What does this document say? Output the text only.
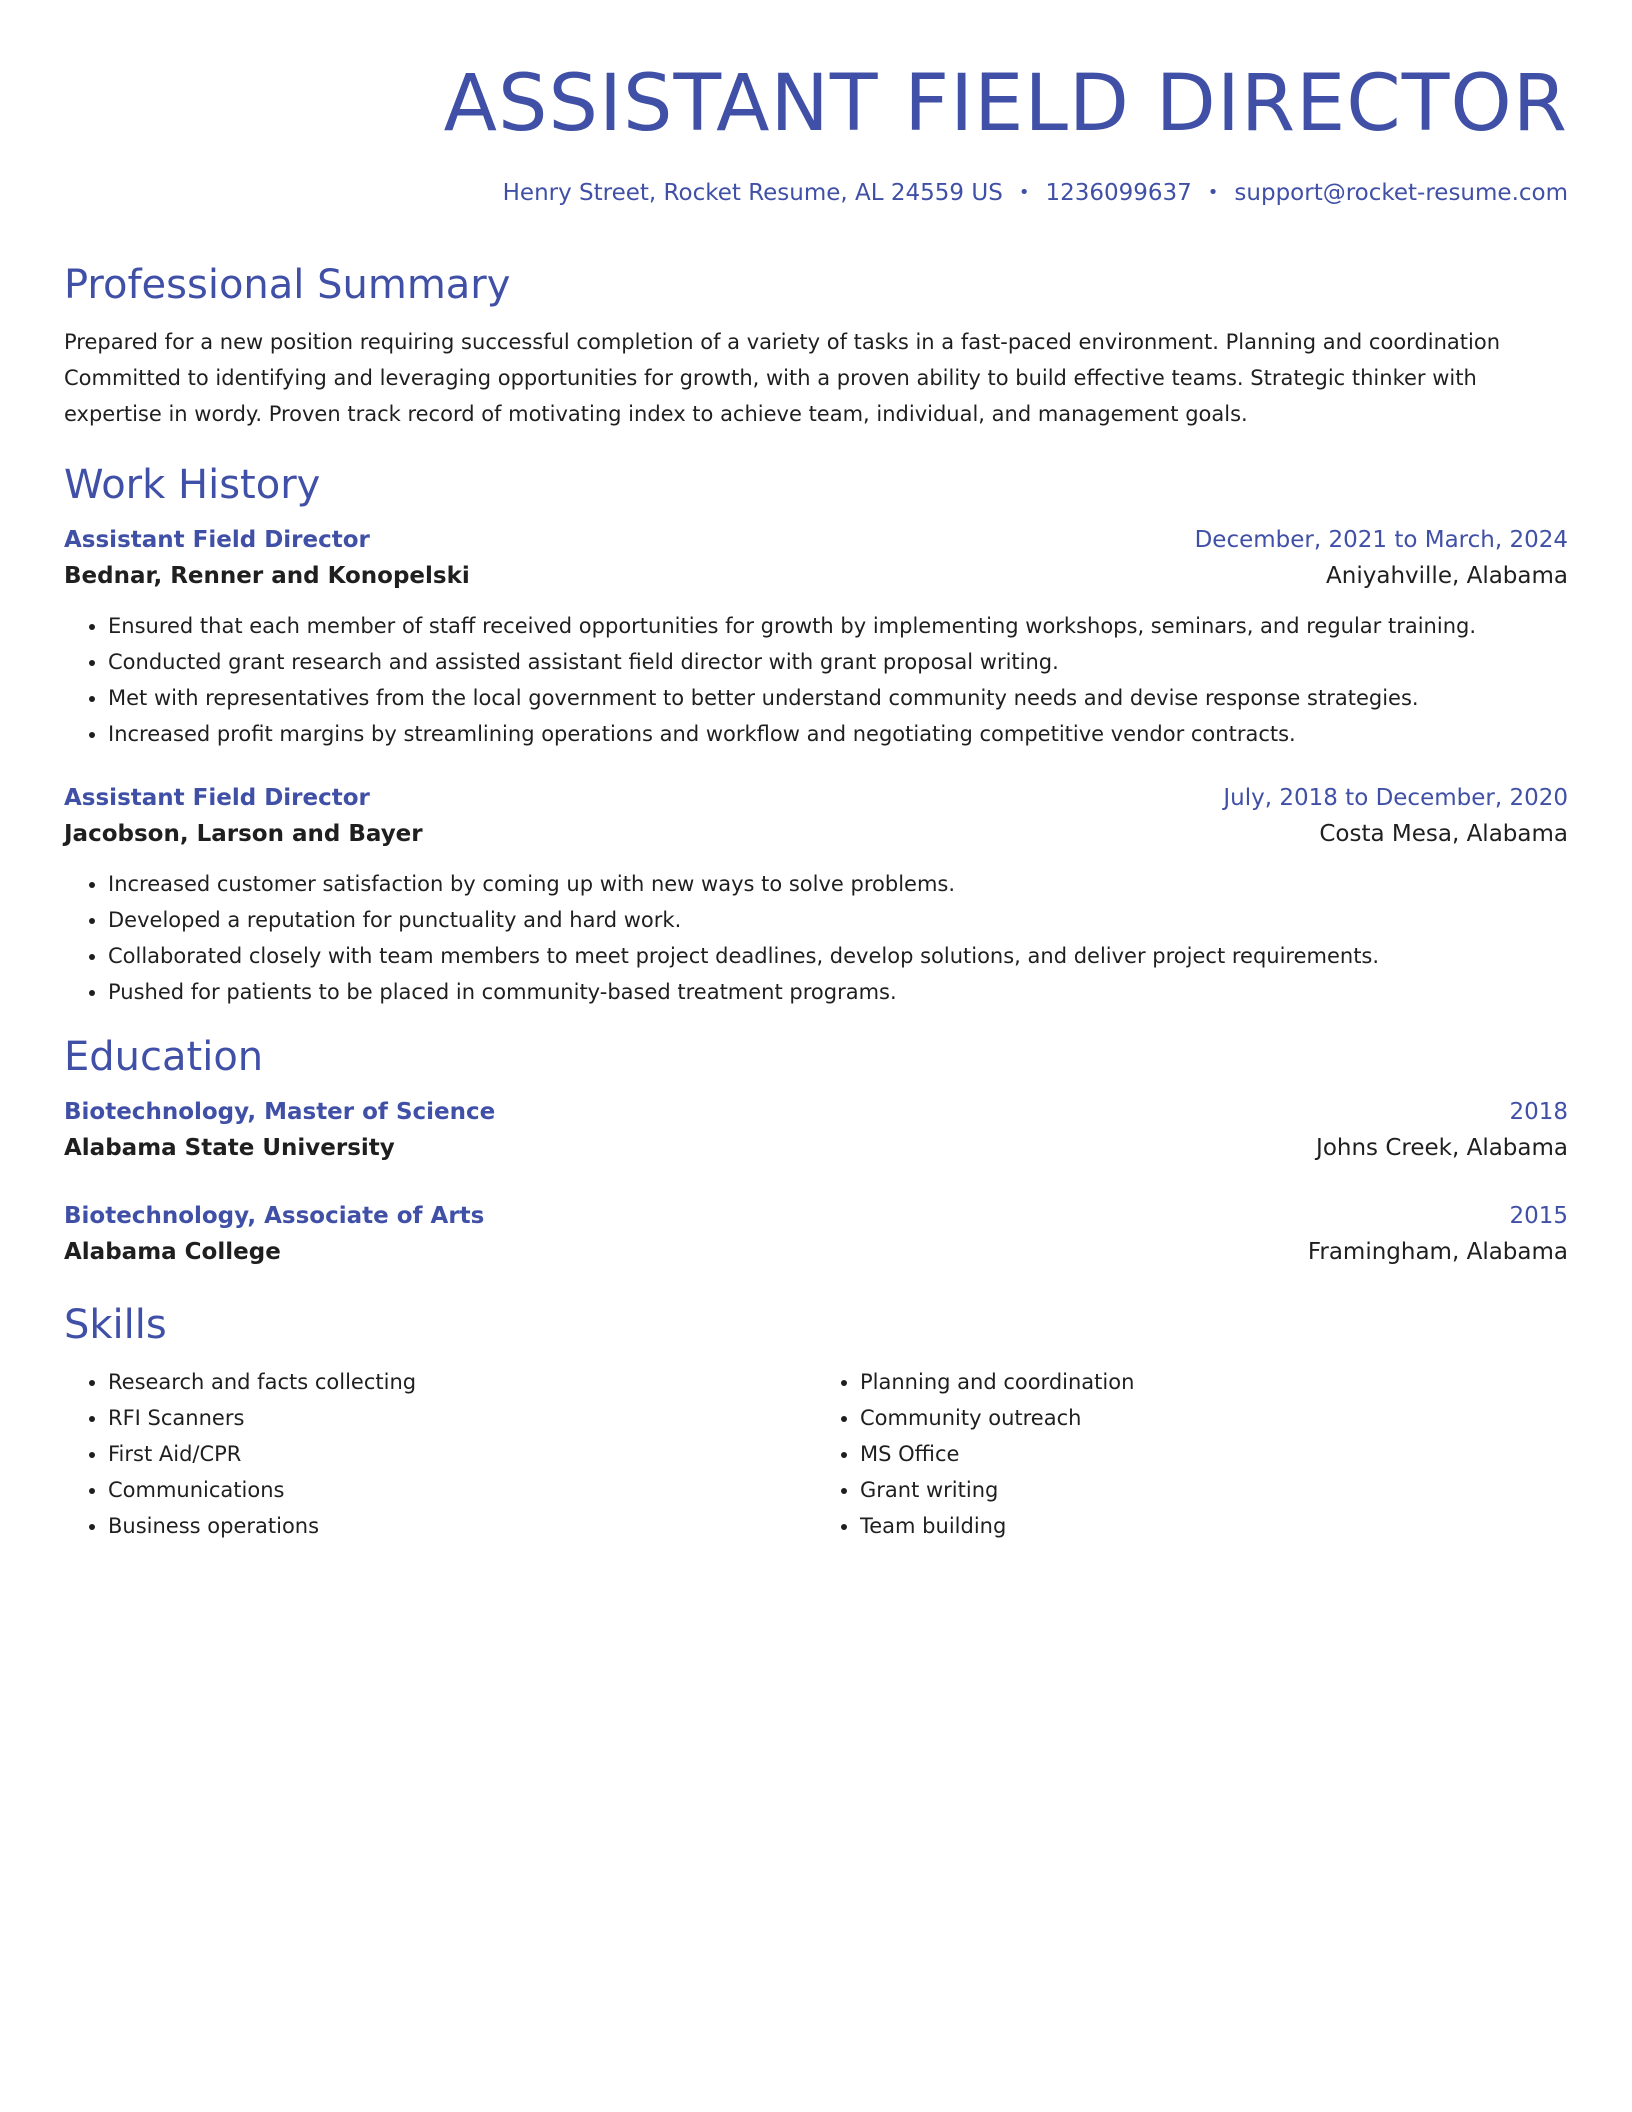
ASSISTANT FIELD DIRECTOR
Henry Street, Rocket Resume, AL 24559 US • 1236099637 • support@rocket-resume.com
Professional Summary
Prepared for a new position requiring successful completion of a variety of tasks in a fast-paced environment. Planning and coordination Committed to identifying and leveraging opportunities for growth, with a proven ability to build effective teams. Strategic thinker with expertise in wordy. Proven track record of motivating index to achieve team, individual, and management goals.
Work History
Assistant Field Director	December, 2021 to March, 2024
Bednar, Renner and Konopelski	Aniyahville, Alabama
• Ensured that each member of staff received opportunities for growth by implementing workshops, seminars, and regular training.
• Conducted grant research and assisted assistant field director with grant proposal writing.
• Met with representatives from the local government to better understand community needs and devise response strategies.
• Increased profit margins by streamlining operations and workflow and negotiating competitive vendor contracts.
Assistant Field Director	July, 2018 to December, 2020
Jacobson, Larson and Bayer	Costa Mesa, Alabama
• Increased customer satisfaction by coming up with new ways to solve problems.
• Developed a reputation for punctuality and hard work.
• Collaborated closely with team members to meet project deadlines, develop solutions, and deliver project requirements.
• Pushed for patients to be placed in community-based treatment programs.
Education
Biotechnology, Master of Science	2018
Alabama State University	Johns Creek, Alabama
Biotechnology, Associate of Arts	2015
Alabama College	Framingham, Alabama
Skills
• Research and facts collecting
• RFI Scanners
• First Aid/CPR
• Communications
• Business operations
• Planning and coordination
• Community outreach
• MS Office
• Grant writing
• Team building
